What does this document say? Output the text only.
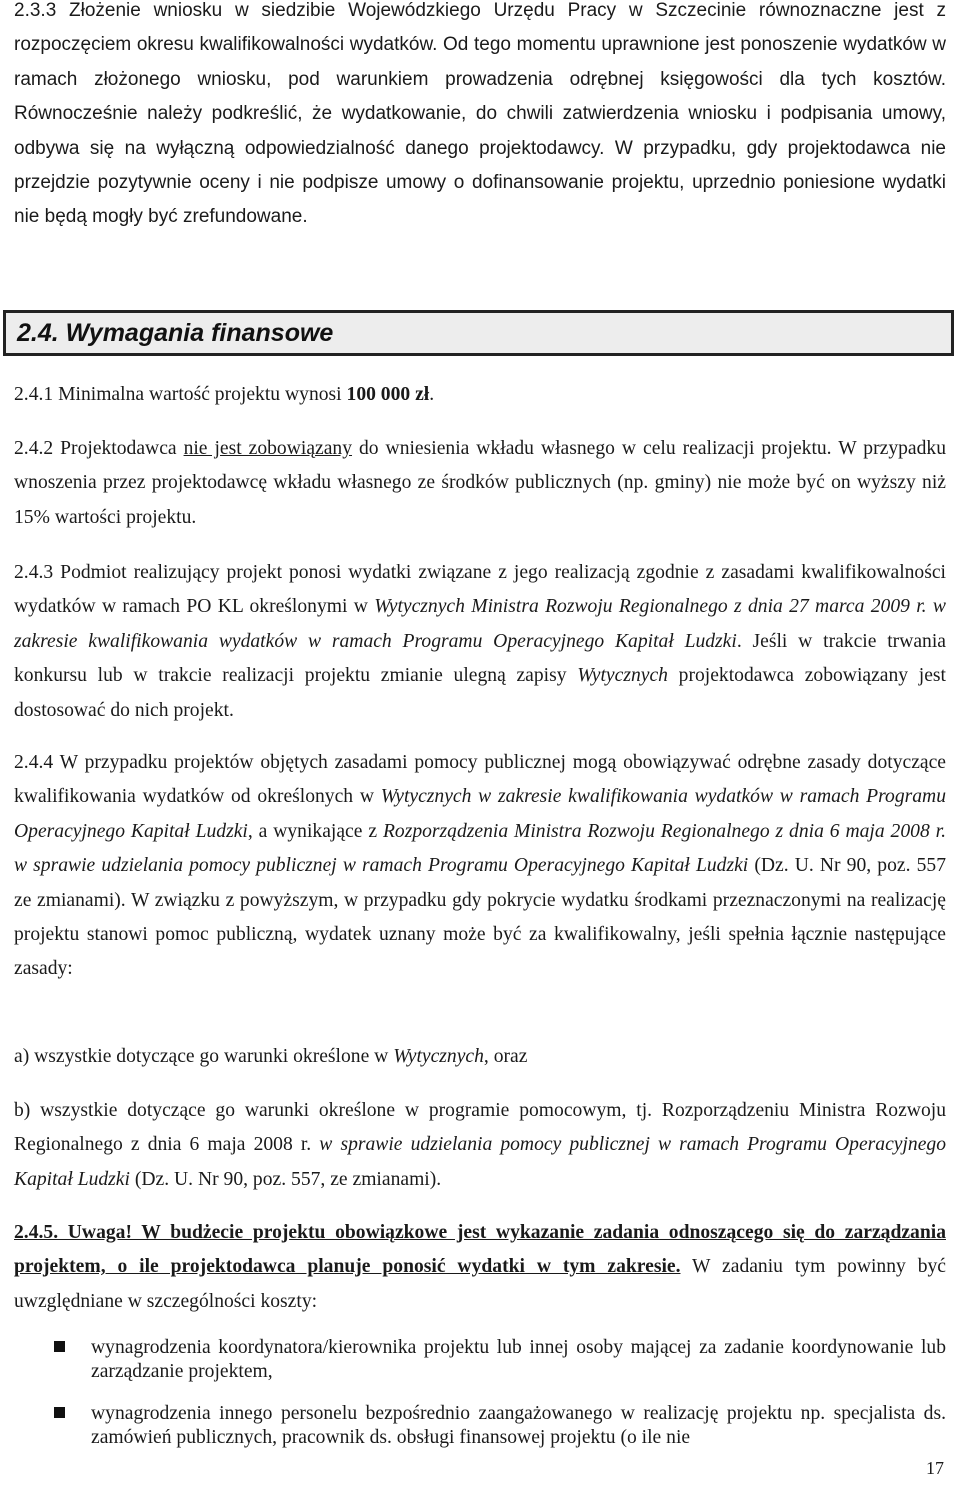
2.3.3 Złożenie wniosku w siedzibie Wojewódzkiego Urzędu Pracy w Szczecinie równoznaczne jest z rozpoczęciem okresu kwalifikowalności wydatków. Od tego momentu uprawnione jest ponoszenie wydatków w ramach złożonego wniosku, pod warunkiem prowadzenia odrębnej księgowości dla tych kosztów. Równocześnie należy podkreślić, że wydatkowanie, do chwili zatwierdzenia wniosku i podpisania umowy, odbywa się na wyłączną odpowiedzialność danego projektodawcy. W przypadku, gdy projektodawca nie przejdzie pozytywnie oceny i nie podpisze umowy o dofinansowanie projektu, uprzednio poniesione wydatki nie będą mogły być zrefundowane.

2.4. Wymagania finansowe

2.4.1 Minimalna wartość projektu wynosi 100 000 zł.

2.4.2 Projektodawca nie jest zobowiązany do wniesienia wkładu własnego w celu realizacji projektu. W przypadku wnoszenia przez projektodawcę wkładu własnego ze środków publicznych (np. gminy) nie może być on wyższy niż 15% wartości projektu.

2.4.3 Podmiot realizujący projekt ponosi wydatki związane z jego realizacją zgodnie z zasadami kwalifikowalności wydatków w ramach PO KL określonymi w Wytycznych Ministra Rozwoju Regionalnego z dnia 27 marca 2009 r. w zakresie kwalifikowania wydatków w ramach Programu Operacyjnego Kapitał Ludzki. Jeśli w trakcie trwania konkursu lub w trakcie realizacji projektu zmianie ulegną zapisy Wytycznych projektodawca zobowiązany jest dostosować do nich projekt.

2.4.4 W przypadku projektów objętych zasadami pomocy publicznej mogą obowiązywać odrębne zasady dotyczące kwalifikowania wydatków od określonych w Wytycznych w zakresie kwalifikowania wydatków w ramach Programu Operacyjnego Kapitał Ludzki, a wynikające z Rozporządzenia Ministra Rozwoju Regionalnego z dnia 6 maja 2008 r. w sprawie udzielania pomocy publicznej w ramach Programu Operacyjnego Kapitał Ludzki (Dz. U. Nr 90, poz. 557 ze zmianami). W związku z powyższym, w przypadku gdy pokrycie wydatku środkami przeznaczonymi na realizację projektu stanowi pomoc publiczną, wydatek uznany może być za kwalifikowalny, jeśli spełnia łącznie następujące zasady:

a) wszystkie dotyczące go warunki określone w Wytycznych, oraz

b) wszystkie dotyczące go warunki określone w programie pomocowym, tj. Rozporządzeniu Ministra Rozwoju Regionalnego z dnia 6 maja 2008 r. w sprawie udzielania pomocy publicznej w ramach Programu Operacyjnego Kapitał Ludzki (Dz. U. Nr 90, poz. 557, ze zmianami).

2.4.5. Uwaga! W budżecie projektu obowiązkowe jest wykazanie zadania odnoszącego się do zarządzania projektem, o ile projektodawca planuje ponosić wydatki w tym zakresie. W zadaniu tym powinny być uwzględniane w szczególności koszty:

wynagrodzenia koordynatora/kierownika projektu lub innej osoby mającej za zadanie koordynowanie lub zarządzanie projektem,
wynagrodzenia innego personelu bezpośrednio zaangażowanego w realizację projektu np. specjalista ds. zamówień publicznych, pracownik ds. obsługi finansowej projektu (o ile nie
17
